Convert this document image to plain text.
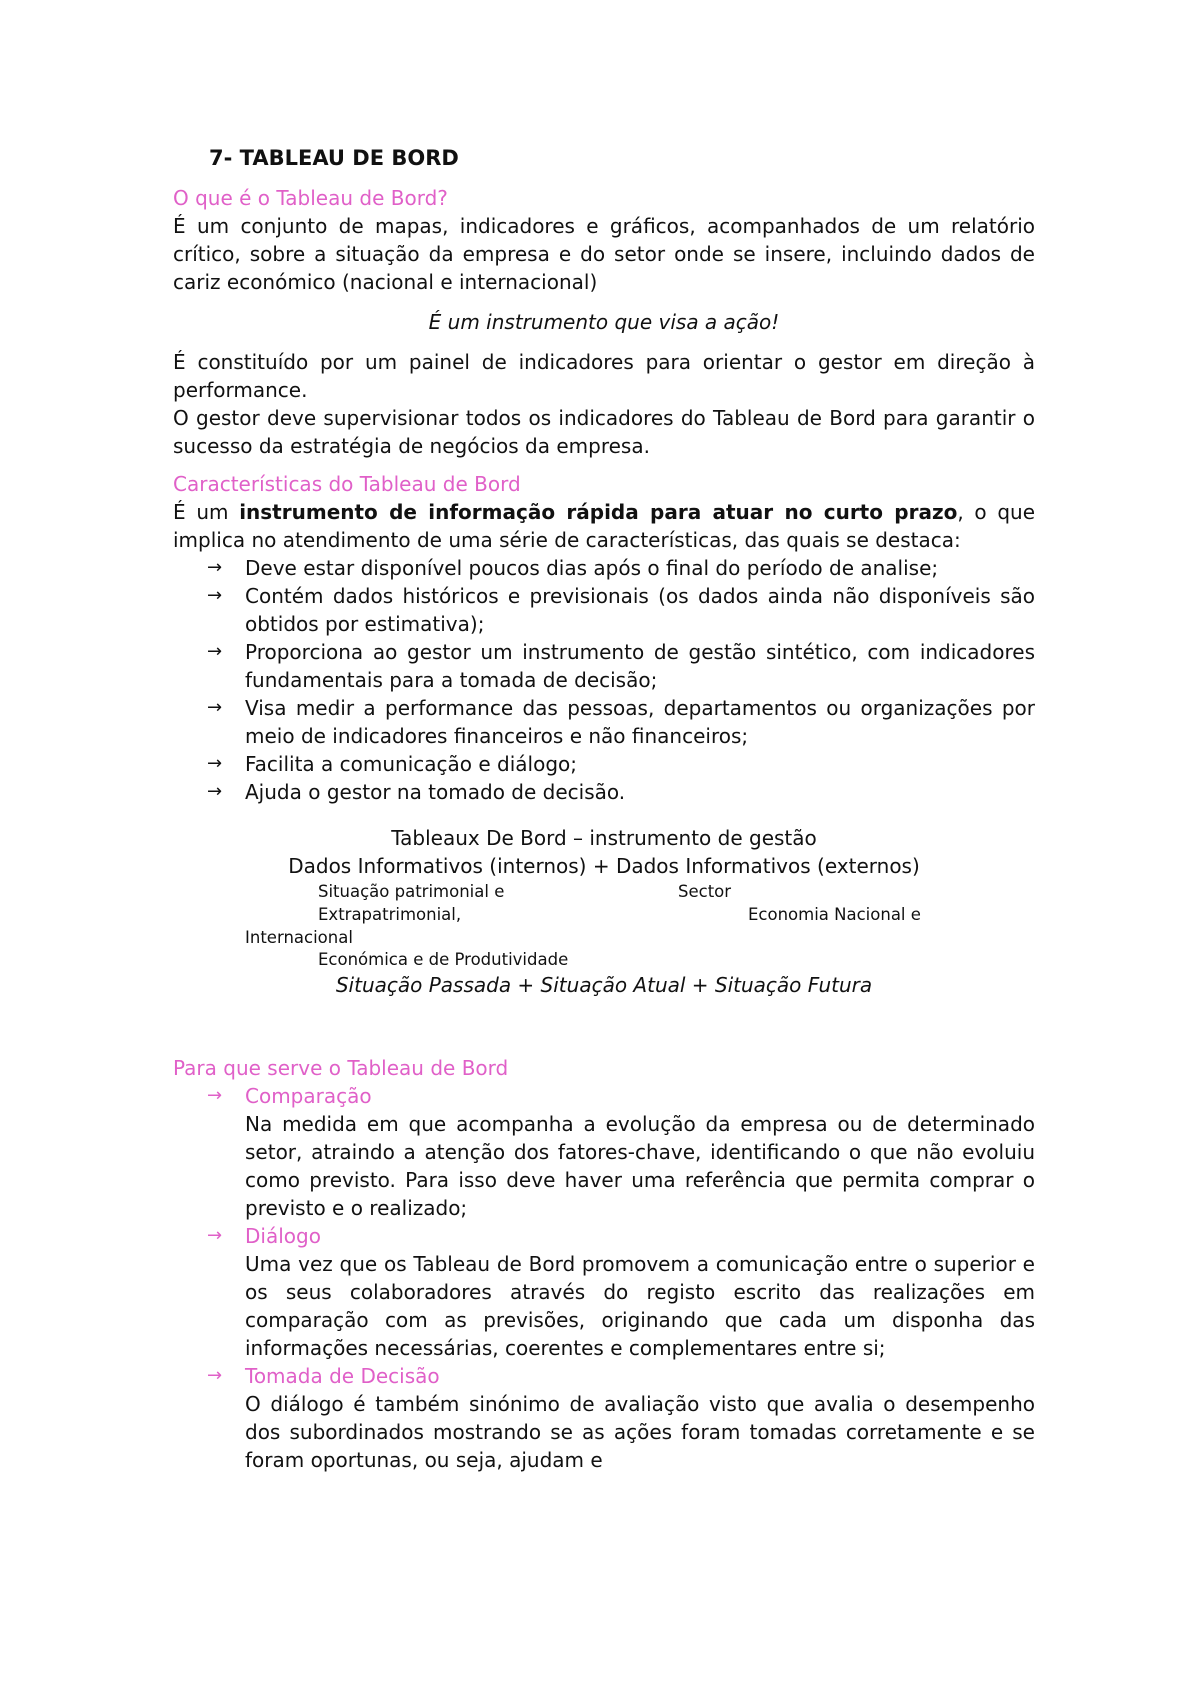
7- TABLEAU DE BORD

O que é o Tableau de Bord?

É um conjunto de mapas, indicadores e gráficos, acompanhados de um relatório crítico, sobre a situação da empresa e do setor onde se insere, incluindo dados de cariz económico (nacional e internacional)

É um instrumento que visa a ação!

É constituído por um painel de indicadores para orientar o gestor em direção à performance.

O gestor deve supervisionar todos os indicadores do Tableau de Bord para garantir o sucesso da estratégia de negócios da empresa.

Características do Tableau de Bord

É um instrumento de informação rápida para atuar no curto prazo, o que implica no atendimento de uma série de características, das quais se destaca:

→ Deve estar disponível poucos dias após o final do período de analise;
→ Contém dados históricos e previsionais (os dados ainda não disponíveis são obtidos por estimativa);
→ Proporciona ao gestor um instrumento de gestão sintético, com indicadores fundamentais para a tomada de decisão;
→ Visa medir a performance das pessoas, departamentos ou organizações por meio de indicadores financeiros e não financeiros;
→ Facilita a comunicação e diálogo;
→ Ajuda o gestor na tomado de decisão.
Tableaux De Bord – instrumento de gestão
Dados Informativos (internos) + Dados Informativos (externos)
Situação patrimonial e	Sector
Extrapatrimonial,	Economia Nacional e
Internacional
Económica e de Produtividade
Situação Passada + Situação Atual + Situação Futura

Para que serve o Tableau de Bord

→ Comparação
Na medida em que acompanha a evolução da empresa ou de determinado setor, atraindo a atenção dos fatores-chave, identificando o que não evoluiu como previsto. Para isso deve haver uma referência que permita comprar o previsto e o realizado;
→ Diálogo
Uma vez que os Tableau de Bord promovem a comunicação entre o superior e os seus colaboradores através do registo escrito das realizações em comparação com as previsões, originando que cada um disponha das informações necessárias, coerentes e complementares entre si;
→ Tomada de Decisão
O diálogo é também sinónimo de avaliação visto que avalia o desempenho dos subordinados mostrando se as ações foram tomadas corretamente e se foram oportunas, ou seja, ajudam e
